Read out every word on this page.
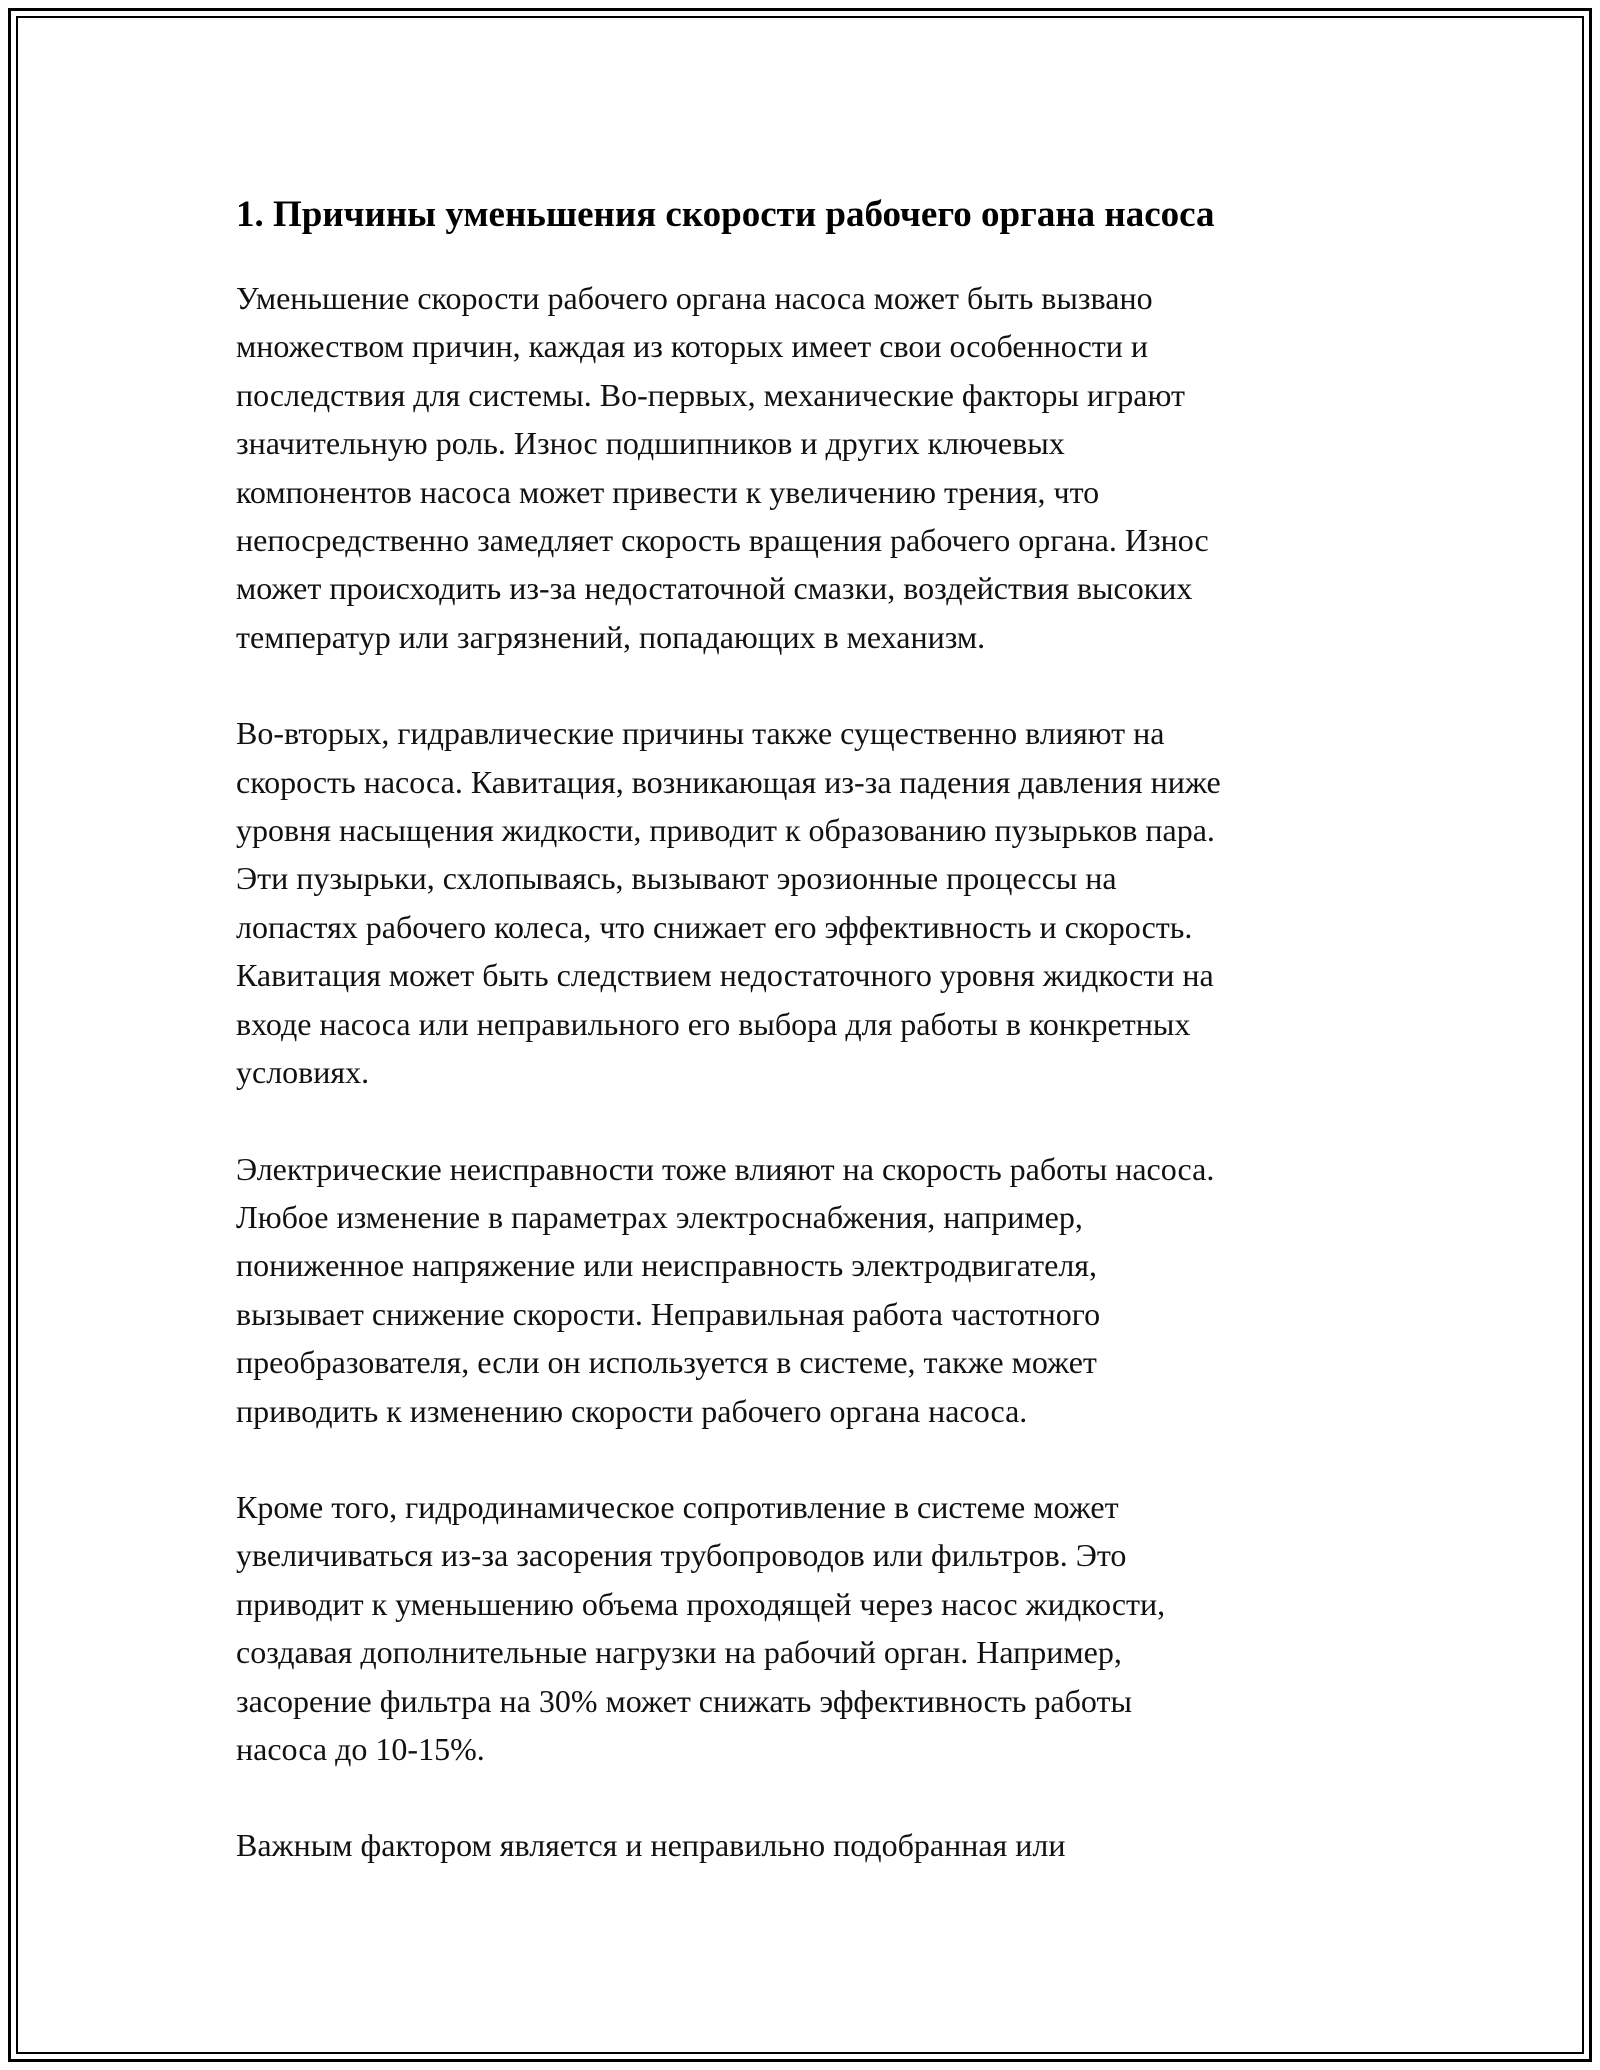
1. Причины уменьшения скорости рабочего органа насоса

Уменьшение скорости рабочего органа насоса может быть вызвано
множеством причин, каждая из которых имеет свои особенности и
последствия для системы. Во-первых, механические факторы играют
значительную роль. Износ подшипников и других ключевых
компонентов насоса может привести к увеличению трения, что
непосредственно замедляет скорость вращения рабочего органа. Износ
может происходить из-за недостаточной смазки, воздействия высоких
температур или загрязнений, попадающих в механизм.

Во-вторых, гидравлические причины также существенно влияют на
скорость насоса. Кавитация, возникающая из-за падения давления ниже
уровня насыщения жидкости, приводит к образованию пузырьков пара.
Эти пузырьки, схлопываясь, вызывают эрозионные процессы на
лопастях рабочего колеса, что снижает его эффективность и скорость.
Кавитация может быть следствием недостаточного уровня жидкости на
входе насоса или неправильного его выбора для работы в конкретных
условиях.

Электрические неисправности тоже влияют на скорость работы насоса.
Любое изменение в параметрах электроснабжения, например,
пониженное напряжение или неисправность электродвигателя,
вызывает снижение скорости. Неправильная работа частотного
преобразователя, если он используется в системе, также может
приводить к изменению скорости рабочего органа насоса.

Кроме того, гидродинамическое сопротивление в системе может
увеличиваться из-за засорения трубопроводов или фильтров. Это
приводит к уменьшению объема проходящей через насос жидкости,
создавая дополнительные нагрузки на рабочий орган. Например,
засорение фильтра на 30% может снижать эффективность работы
насоса до 10-15%.

Важным фактором является и неправильно подобранная или
